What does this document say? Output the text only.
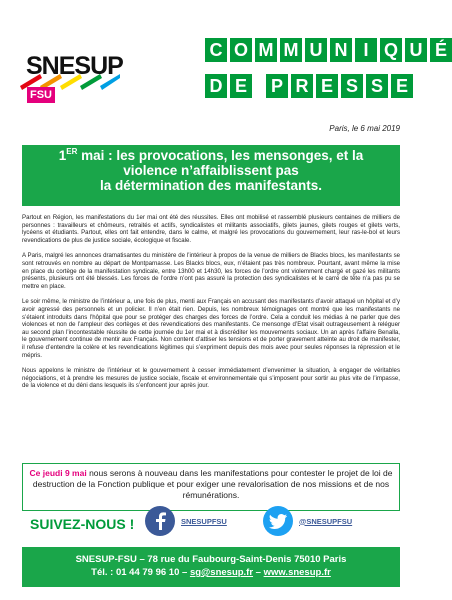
SNESUPFSU
C O M M U N I Q U É
D E P R E S S E
Paris, le 6 mai 2019
1ER mai : les provocations, les mensonges, et la
violence n’affaiblissent pas
la détermination des manifestants.

Partout en Région, les manifestations du 1er mai ont été des réussites. Elles ont mobilisé et rassemblé plusieurs centaines de milliers de personnes : travailleurs et chômeurs, retraités et actifs, syndicalistes et militants associatifs, gilets jaunes, gilets rouges et gilets verts, lycéens et étudiants. Partout, elles ont fait entendre, dans le calme, et malgré les provocations du gouvernement, leur ras-le-bol et leurs revendications de plus de justice sociale, écologique et fiscale.

A Paris, malgré les annonces dramatisantes du ministère de l’intérieur à propos de la venue de milliers de Blacks blocs, les manifestants se sont retrouvés en nombre au départ de Montparnasse. Les Blacks blocs, eux, n’étaient pas très nombreux. Pourtant, avant même la mise en place du cortège de la manifestation syndicale, entre 13h00 et 14h30, les forces de l’ordre ont violemment chargé et gazé les militants présents, plusieurs ont été blessés. Les forces de l’ordre n’ont pas assuré la protection des syndicalistes et le carré de tête n’a pas pu se mettre en place.

Le soir même, le ministre de l’intérieur a, une fois de plus, menti aux Français en accusant des manifestants d’avoir attaqué un hôpital et d’y avoir agressé des personnels et un policier. Il n’en était rien. Depuis, les nombreux témoignages ont montré que les manifestants ne s’étaient introduits dans l’hôpital que pour se protéger des charges des forces de l’ordre. Cela a conduit les médias à ne parler que des violences et non de l’ampleur des cortèges et des revendications des manifestants. Ce mensonge d’Etat visait outrageusement à reléguer au second plan l’incontestable réussite de cette journée du 1er mai et à discréditer les mouvements sociaux. Un an après l’affaire Benalla, le gouvernement continue de mentir aux Français. Non content d’attiser les tensions et de porter gravement atteinte au droit de manifester, il refuse d’entendre la colère et les revendications légitimes qui s’expriment depuis des mois avec pour seules réponses la répression et le mépris.

Nous appelons le ministre de l’intérieur et le gouvernement à cesser immédiatement d’envenimer la situation, à engager de véritables négociations, et à prendre les mesures de justice sociale, fiscale et environnementale qui s’imposent pour sortir au plus vite de l’impasse, de la violence et du déni dans lesquels ils s’enfoncent jour après jour.

Ce jeudi 9 mai nous serons à nouveau dans les manifestations pour contester le projet de loi de destruction de la Fonction publique et pour exiger une revalorisation de nos missions et de nos rémunérations.
SUIVEZ-NOUS !	SNESUPFSU	@SNESUPFSU
SNESUP-FSU – 78 rue du Faubourg-Saint-Denis 75010 Paris
Tél. : 01 44 79 96 10 – sg@snesup.fr – www.snesup.fr
